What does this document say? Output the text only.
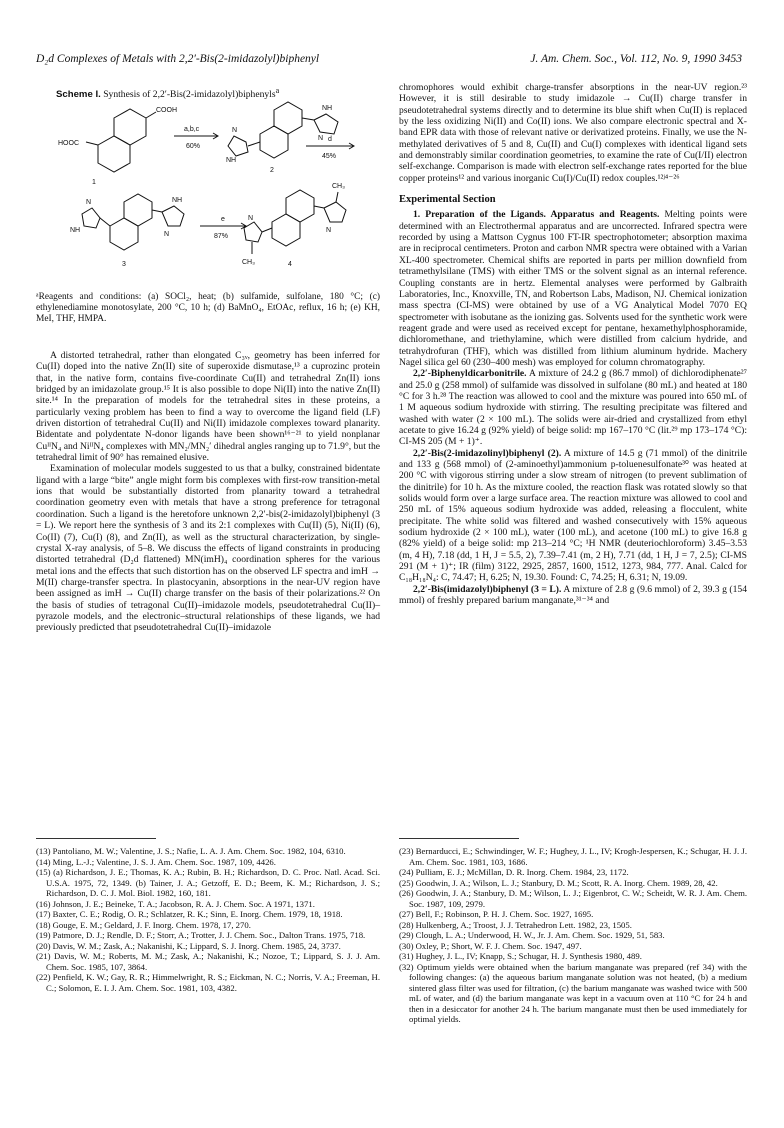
D₂d Complexes of Metals with 2,2′-Bis(2-imidazolyl)biphenyl	J. Am. Chem. Soc., Vol. 112, No. 9, 1990 3453
Scheme I. Synthesis of 2,2′-Bis(2-imidazolyl)biphenyls$^a$
COOH
HOOC
NH
N
NH
N
NH
N
NH
N
N
N
CH₃
CH₃
a,b,c
60%
d
45%
e
87%
1
2
3	4
ᵃReagents and conditions: (a) SOCl₂, heat; (b) sulfamide, sulfolane, 180 °C; (c) ethylenediamine monotosylate, 200 °C, 10 h; (d) BaMnO₄, EtOAc, reflux, 16 h; (e) KH, MeI, THF, HMPA.

A distorted tetrahedral, rather than elongated C₃ᵥ, geometry has been inferred for Cu(II) doped into the native Zn(II) site of superoxide dismutase,¹³ a cuprozinc protein that, in the native form, contains five-coordinate Cu(II) and tetrahedral Zn(II) ions bridged by an imidazolate group.¹⁵ It is also possible to dope Ni(II) into the native Zn(II) site.¹⁴ In the preparation of models for the tetrahedral sites in these proteins, a particularly vexing problem has been to find a way to overcome the ligand field (LF) driven distortion of tetrahedral Cu(II) and Ni(II) imidazole complexes toward planarity. Bidentate and polydentate N-donor ligands have been shown¹⁶⁻²¹ to yield nonplanar CuᴵᴵN₄ and NiᴵᴵN₄ complexes with MN₂/MN₂′ dihedral angles ranging up to 71.9°, but the tetrahedral limit of 90° has remained elusive.

Examination of molecular models suggested to us that a bulky, constrained bidentate ligand with a large “bite” angle might form bis complexes with first-row transition-metal ions that would be substantially distorted from planarity toward a tetrahedral coordination geometry even with metals that have a strong preference for tetragonal coordination. Such a ligand is the heretofore unknown 2,2′-bis(2-imidazolyl)biphenyl (3 = L). We report here the synthesis of 3 and its 2:1 complexes with Cu(II) (5), Ni(II) (6), Co(II) (7), Cu(I) (8), and Zn(II), as well as the structural characterization, by single-crystal X-ray analysis, of 5–8. We discuss the effects of ligand constraints in producing distorted tetrahedral (D₂d flattened) MN(imH)₄ coordination spheres for the various metal ions and the effects that such distortion has on the observed LF spectra and imH → M(II) charge-transfer spectra. In plastocyanin, absorptions in the near-UV region have been assigned as imH → Cu(II) charge transfer on the basis of their polarizations.²² On the basis of studies of tetragonal Cu(II)–imidazole models, pseudotetrahedral Cu(II)–pyrazole models, and the electronic–structural relationships of these ligands, we had previously predicted that pseudotetrahedral Cu(II)–imidazole

chromophores would exhibit charge-transfer absorptions in the near-UV region.²³ However, it is still desirable to study imidazole → Cu(II) charge transfer in pseudotetrahedral systems directly and to determine its blue shift when Cu(II) is replaced by the less oxidizing Ni(II) and Co(II) ions. We also compare electronic spectral and X-band EPR data with those of relevant native or derivatized proteins. Finally, we use the N-methylated derivatives of 5 and 8, Cu(II) and Cu(I) complexes with identical ligand sets and demonstrably similar coordination geometries, to examine the rate of Cu(I/II) electron self-exchange. Comparison is made with electron self-exchange rates reported for the blue copper proteins¹² and various inorganic Cu(I)/Cu(II) redox couples.¹²ʲ⁴⁻²⁶

Experimental Section

1. Preparation of the Ligands. Apparatus and Reagents. Melting points were determined with an Electrothermal apparatus and are uncorrected. Infrared spectra were recorded by using a Mattson Cygnus 100 FT-IR spectrophotometer; absorption maxima are in reciprocal centimeters. Proton and carbon NMR spectra were obtained with a Varian XL-400 spectrometer. Chemical shifts are reported in parts per million downfield from tetramethylsilane (TMS) with either TMS or the solvent signal as an internal reference. Coupling constants are in hertz. Elemental analyses were performed by Galbraith Laboratories, Inc., Knoxville, TN, and Robertson Labs, Madison, NJ. Chemical ionization mass spectra (CI-MS) were obtained by use of a VG Analytical Model 7070 EQ spectrometer with isobutane as the ionizing gas. Solvents used for the synthetic work were reagent grade and were used as received except for pentane, hexamethylphosphoramide, dichloromethane, and triethylamine, which were distilled from calcium hydride, and tetrahydrofuran (THF), which was distilled from lithium aluminum hydride. Machery Nagel silica gel 60 (230–400 mesh) was employed for column chromatography.

2,2′-Biphenyldicarbonitrile. A mixture of 24.2 g (86.7 mmol) of dichlorodiphenate²⁷ and 25.0 g (258 mmol) of sulfamide was dissolved in sulfolane (80 mL) and heated at 180 °C for 3 h.²⁸ The reaction was allowed to cool and the mixture was poured into 650 mL of 1 M aqueous sodium hydroxide with stirring. The resulting precipitate was filtered and washed with water (2 × 100 mL). The solids were air-dried and crystallized from ethyl acetate to give 16.24 g (92% yield) of beige solid: mp 167–170 °C (lit.²⁹ mp 173–174 °C): CI-MS 205 (M + 1)⁺.

2,2′-Bis(2-imidazolinyl)biphenyl (2). A mixture of 14.5 g (71 mmol) of the dinitrile and 133 g (568 mmol) of (2-aminoethyl)ammonium p-toluenesulfonate³⁰ was heated at 200 °C with vigorous stirring under a slow stream of nitrogen (to prevent sublimation of the dinitrile) for 10 h. As the mixture cooled, the reaction flask was rotated slowly so that solids would form over a large surface area. The reaction mixture was allowed to cool and 250 mL of 15% aqueous sodium hydroxide was added, releasing a flocculent, white precipitate. The white solid was filtered and washed consecutively with 15% aqueous sodium hydroxide (2 × 100 mL), water (100 mL), and acetone (100 mL) to give 16.8 g (82% yield) of a beige solid: mp 213–214 °C; ¹H NMR (deuteriochloroform) 3.45–3.53 (m, 4 H), 7.18 (dd, 1 H, J = 5.5, 2), 7.39–7.41 (m, 2 H), 7.71 (dd, 1 H, J = 7, 2.5); CI-MS 291 (M + 1)⁺; IR (film) 3122, 2925, 2857, 1600, 1512, 1273, 984, 777. Anal. Calcd for C₁₈H₁₈N₄: C, 74.47; H, 6.25; N, 19.30. Found: C, 74.25; H, 6.31; N, 19.09.

2,2′-Bis(imidazolyl)biphenyl (3 = L). A mixture of 2.8 g (9.6 mmol) of 2, 39.3 g (154 mmol) of freshly prepared barium manganate,³¹⁻³⁴ and

(13) Pantoliano, M. W.; Valentine, J. S.; Nafie, L. A. J. Am. Chem. Soc. 1982, 104, 6310.
(14) Ming, L.-J.; Valentine, J. S. J. Am. Chem. Soc. 1987, 109, 4426.
(15) (a) Richardson, J. E.; Thomas, K. A.; Rubin, B. H.; Richardson, D. C. Proc. Natl. Acad. Sci. U.S.A. 1975, 72, 1349. (b) Tainer, J. A.; Getzoff, E. D.; Beem, K. M.; Richardson, J. S.; Richardson, D. C. J. Mol. Biol. 1982, 160, 181.
(16) Johnson, J. E.; Beineke, T. A.; Jacobson, R. A. J. Chem. Soc. A 1971, 1371.
(17) Baxter, C. E.; Rodig, O. R.; Schlatzer, R. K.; Sinn, E. Inorg. Chem. 1979, 18, 1918.
(18) Gouge, E. M.; Geldard, J. F. Inorg. Chem. 1978, 17, 270.
(19) Patmore, D. J.; Rendle, D. F.; Storr, A.; Trotter, J. J. Chem. Soc., Dalton Trans. 1975, 718.
(20) Davis, W. M.; Zask, A.; Nakanishi, K.; Lippard, S. J. Inorg. Chem. 1985, 24, 3737.
(21) Davis, W. M.; Roberts, M. M.; Zask, A.; Nakanishi, K.; Nozoe, T.; Lippard, S. J. J. Am. Chem. Soc. 1985, 107, 3864.
(22) Penfield, K. W.; Gay, R. R.; Himmelwright, R. S.; Eickman, N. C.; Norris, V. A.; Freeman, H. C.; Solomon, E. I. J. Am. Chem. Soc. 1981, 103, 4382.
(23) Bernarducci, E.; Schwindinger, W. F.; Hughey, J. L., IV; Krogh-Jespersen, K.; Schugar, H. J. J. Am. Chem. Soc. 1981, 103, 1686.
(24) Pulliam, E. J.; McMillan, D. R. Inorg. Chem. 1984, 23, 1172.
(25) Goodwin, J. A.; Wilson, L. J.; Stanbury, D. M.; Scott, R. A. Inorg. Chem. 1989, 28, 42.
(26) Goodwin, J. A.; Stanbury, D. M.; Wilson, L. J.; Eigenbrot, C. W.; Scheidt, W. R. J. Am. Chem. Soc. 1987, 109, 2979.
(27) Bell, F.; Robinson, P. H. J. Chem. Soc. 1927, 1695.
(28) Hulkenberg, A.; Troost, J. J. Tetrahedron Lett. 1982, 23, 1505.
(29) Clough, L. A.; Underwood, H. W., Jr. J. Am. Chem. Soc. 1929, 51, 583.
(30) Oxley, P.; Short, W. F. J. Chem. Soc. 1947, 497.
(31) Hughey, J. L., IV; Knapp, S.; Schugar, H. J. Synthesis 1980, 489.
(32) Optimum yields were obtained when the barium manganate was prepared (ref 34) with the following changes: (a) the aqueous barium manganate solution was not heated, (b) a medium sintered glass filter was used for filtration, (c) the barium manganate was washed twice with 500 mL of water, and (d) the barium manganate was kept in a vacuum oven at 110 °C for 24 h and then in a desiccator for another 24 h. The barium manganate must then be used immediately for optimal yields.
